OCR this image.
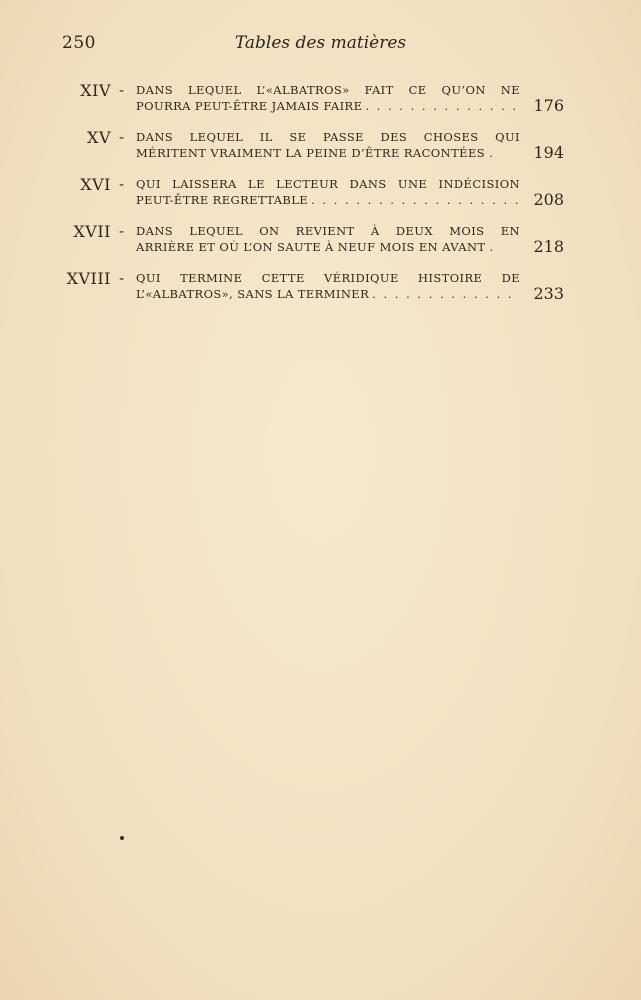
250	Tables des matières
XIV - DANS LEQUEL L’«ALBATROS» FAIT CE QU’ON NE
POURRA PEUT-ÊTRE JAMAIS FAIRE . . .	176
XV - DANS LEQUEL IL SE PASSE DES CHOSES QUI
MÉRITENT VRAIMENT LA PEINE D’ÊTRE RACONTÉES .	194
XVI - QUI LAISSERA LE LECTEUR DANS UNE INDÉCISION
PEUT-ÊTRE REGRETTABLE . . .	208
XVII - DANS LEQUEL ON REVIENT À DEUX MOIS EN
ARRIÈRE ET OÙ L’ON SAUTE À NEUF MOIS EN AVANT .	218
XVIII - QUI TERMINE CETTE VÉRIDIQUE HISTOIRE DE
L’«ALBATROS», SANS LA TERMINER . . .	233
